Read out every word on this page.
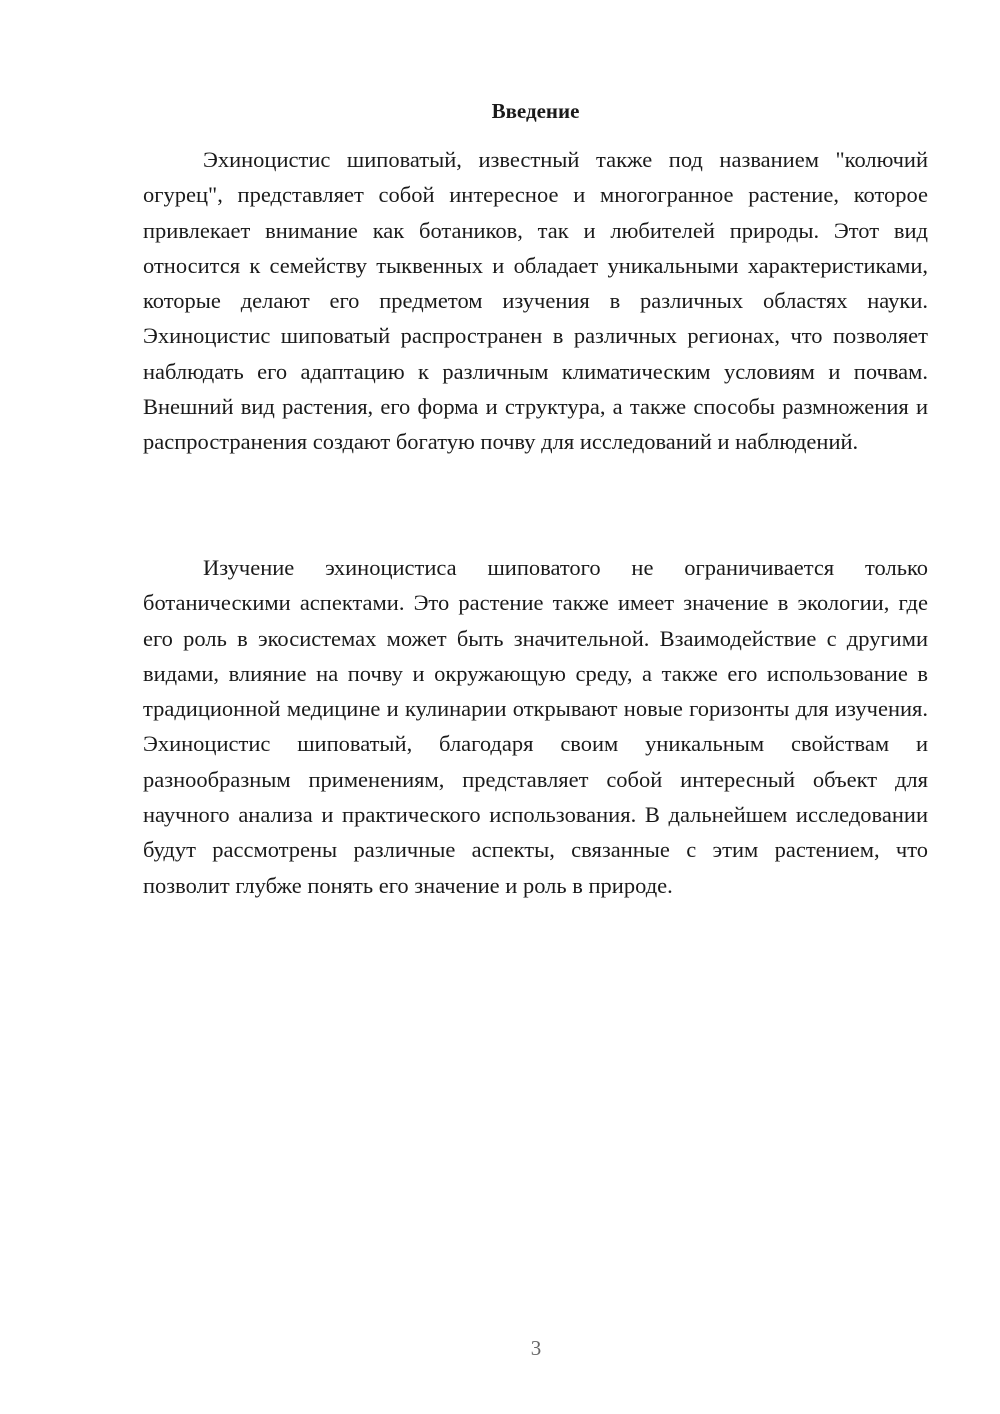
Введение

Эхиноцистис шиповатый, известный также под названием "колючий огурец", представляет собой интересное и многогранное растение, которое привлекает внимание как ботаников, так и любителей природы. Этот вид относится к семейству тыквенных и обладает уникальными характеристиками, которые делают его предметом изучения в различных областях науки. Эхиноцистис шиповатый распространен в различных регионах, что позволяет наблюдать его адаптацию к различным климатическим условиям и почвам. Внешний вид растения, его форма и структура, а также способы размножения и распространения создают богатую почву для исследований и наблюдений.

Изучение эхиноцистиса шиповатого не ограничивается только ботаническими аспектами. Это растение также имеет значение в экологии, где его роль в экосистемах может быть значительной. Взаимодействие с другими видами, влияние на почву и окружающую среду, а также его использование в традиционной медицине и кулинарии открывают новые горизонты для изучения. Эхиноцистис шиповатый, благодаря своим уникальным свойствам и разнообразным применениям, представляет собой интересный объект для научного анализа и практического использования. В дальнейшем исследовании будут рассмотрены различные аспекты, связанные с этим растением, что позволит глубже понять его значение и роль в природе.

3
